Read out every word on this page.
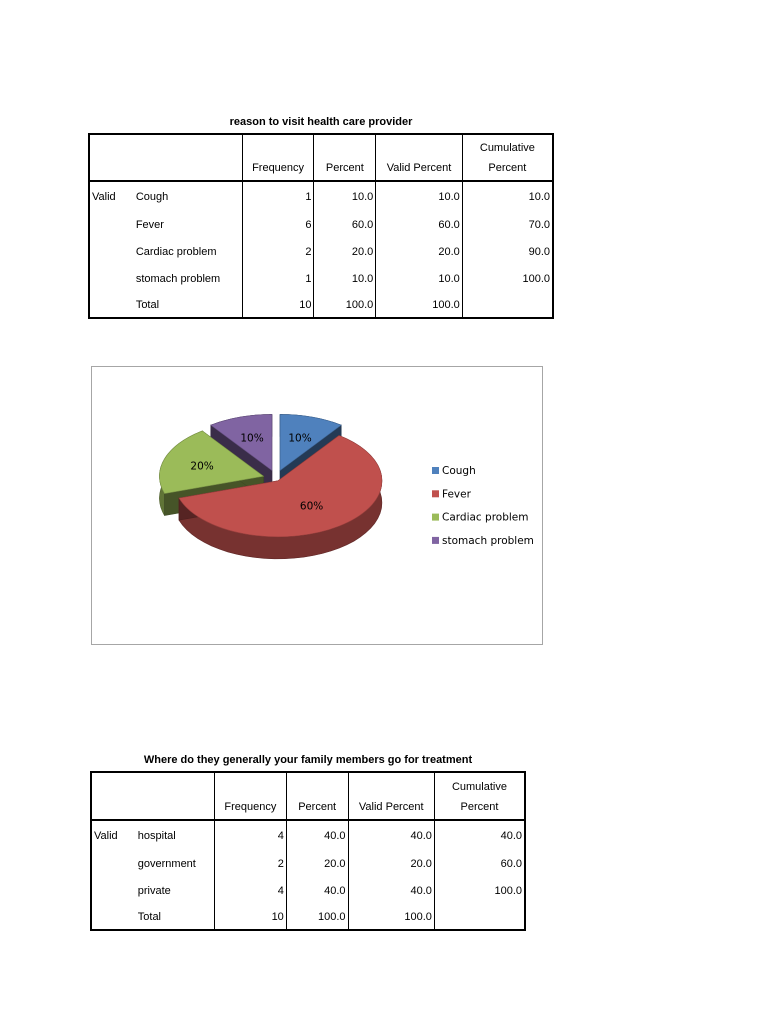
reason to visit health care provider
		Frequency	Percent	Valid Percent	Cumulative
Percent

Valid	Cough	1	10.0	10.0	10.0
	Fever	6	60.0	60.0	70.0
	Cardiac problem	2	20.0	20.0	90.0
	stomach problem	1	10.0	10.0	100.0
	Total	10	100.0	100.0	
10%
60%
20%
10%
Cough
Fever
Cardiac problem
stomach problem
Where do they generally your family members go for treatment
		Frequency	Percent	Valid Percent	Cumulative
Percent

Valid	hospital	4	40.0	40.0	40.0
	government	2	20.0	20.0	60.0
	private	4	40.0	40.0	100.0
	Total	10	100.0	100.0	
